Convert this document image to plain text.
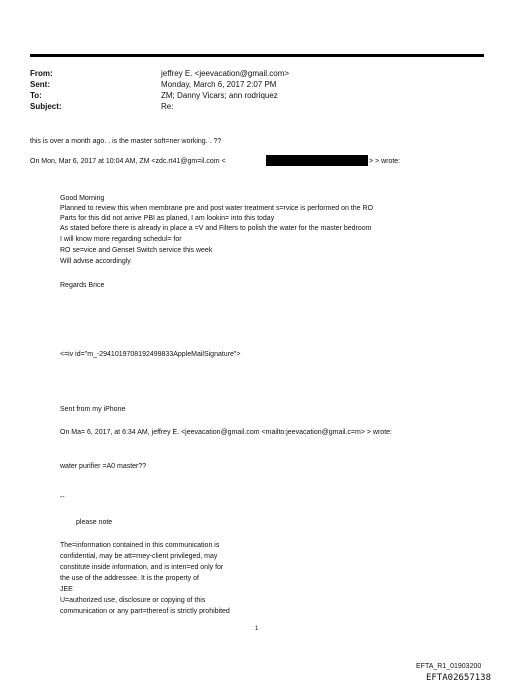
From:	jeffrey E. <jeevacation@gmail.com>
Sent:	Monday, March 6, 2017 2:07 PM
To:	ZM; Danny Vicars; ann rodriquez
Subject:	Re:
this is over a month ago. . is the master soft=ner working. . ??
On Mon, Mar 6, 2017 at 10:04 AM, ZM <zdc.rt41@gm=il.com <	> > wrote:
Good Morning
Planned to review this when membrane pre and post water treatment s=rvice is performed on the RO
Parts for this did not arrive PBI as planed, I am lookin= into this today
As stated before there is already in place a =V and Filters to polish the water for the master bedroom
I will know more regarding schedul= for
RO se=vice and Genset Switch service this week
Will advise accordingly
Regards Brice
<=iv id="m_-2941019708192499833AppleMailSignature">
Sent from my iPhone
On Ma= 6, 2017, at 6:34 AM, jeffrey E. <jeevacation@gmail.com <mailto:jeevacation@gmail.c=m> > wrote:
water purifier =A0 master??
--
please note
The=information contained in this communication is
confidential, may be att=rney-client privileged, may
constitute inside information, and is inten=ed only for
the use of the addressee. It is the property of
JEE
U=authorized use, disclosure or copying of this
communication or any part=thereof is strictly prohibited
1
EFTA_R1_01903200
EFTA02657138
